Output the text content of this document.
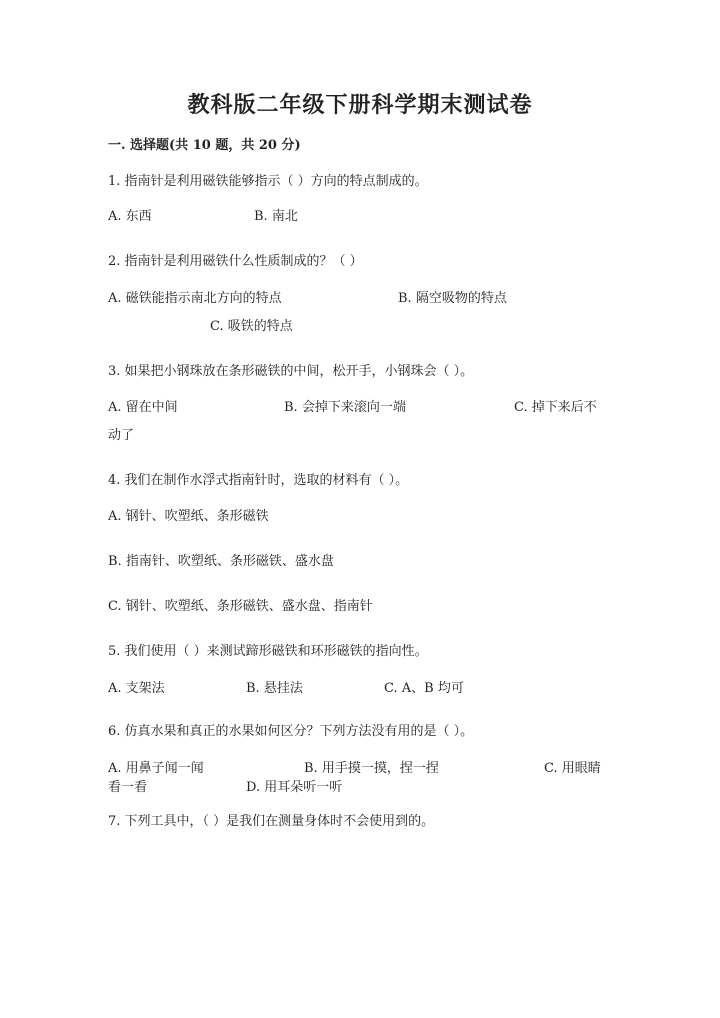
教科版二年级下册科学期末测试卷
一. 选择题(共 10 题，共 20 分)
1. 指南针是利用磁铁能够指示（ ）方向的特点制成的。
A. 东西	B. 南北
2. 指南针是利用磁铁什么性质制成的？（ ）
A. 磁铁能指示南北方向的特点	B. 隔空吸物的特点
C. 吸铁的特点
3. 如果把小钢珠放在条形磁铁的中间，松开手，小钢珠会（ ）。
A. 留在中间	B. 会掉下来滚向一端	C. 掉下来后不
动了
4. 我们在制作水浮式指南针时，选取的材料有（ ）。
A. 钢针、吹塑纸、条形磁铁
B. 指南针、吹塑纸、条形磁铁、盛水盘
C. 钢针、吹塑纸、条形磁铁、盛水盘、指南针
5. 我们使用（ ）来测试蹄形磁铁和环形磁铁的指向性。
A. 支架法	B. 悬挂法	C. A、B 均可
6. 仿真水果和真正的水果如何区分？下列方法没有用的是（ ）。
A. 用鼻子闻一闻	B. 用手摸一摸，捏一捏	C. 用眼睛
看一看	D. 用耳朵听一听
7. 下列工具中，（ ）是我们在测量身体时不会使用到的。
